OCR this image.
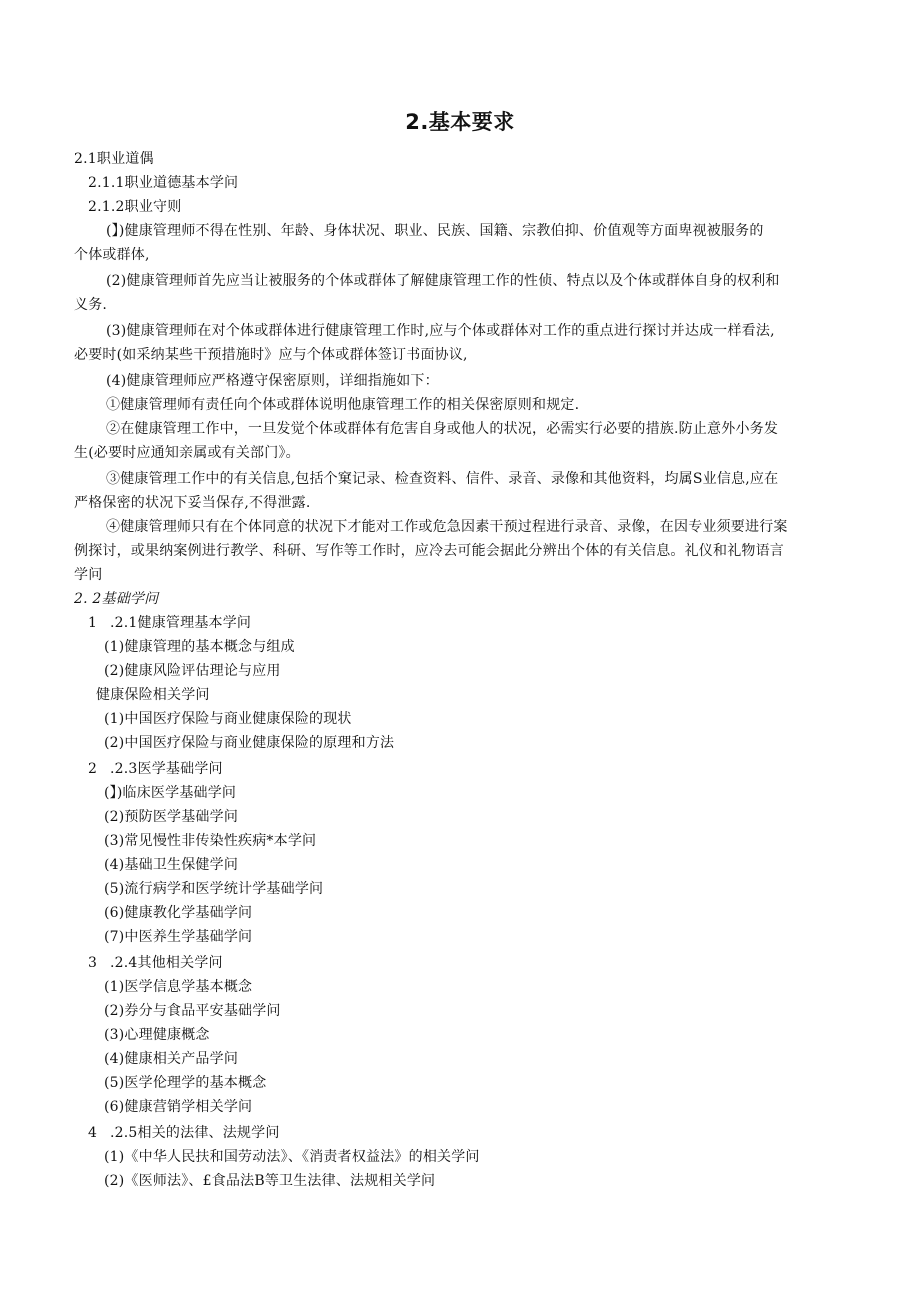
2.基本要求
2.1职业道偶
2.1.1职业道德基本学问
2.1.2职业守则
(】)健康管理师不得在性别、年龄、身体状况、职业、民族、国籍、宗教伯抑、价值观等方面卑视被服务的
个体或群体,
(2)健康管理师首先应当让被服务的个体或群体了解健康管理工作的性侦、特点以及个体或群体自身的权利和
义务.
(3)健康管理师在对个体或群体进行健康管理工作时,应与个体或群体对工作的重点进行探讨并达成一样看法,
必要时(如采纳某些干预措施时》应与个体或群体签订书面协议,
(4)健康管理师应严格遵守保密原则，详细指施如下：
①健康管理师有责任向个体或群体说明他康管理工作的相关保密原则和规定.
②在健康管理工作中，一旦发觉个体或群体有危害自身或他人的状况，必需实行必要的措族.防止意外小务发
生(必要时应通知亲属或有关部门》。
③健康管理工作中的有关信息,包括个窠记录、检查资料、信件、录音、录像和其他资料，均属S业信息,应在
严格保密的状况下妥当保存,不得泄露.
④健康管理师只有在个体同意的状况下才能对工作或危急因素干预过程进行录音、录像，在因专业须要进行案
例探讨，或果纳案例进行教学、科研、写作等工作时，应冷去可能会据此分辨出个体的有关信息。礼仪和礼物语言
学问
2. 2基础学问
1 .2.1健康管理基本学问
(1)健康管理的基本概念与组成
(2)健康风险评估理论与应用
健康保险相关学问
(1)中国医疗保险与商业健康保险的现状
(2)中国医疗保险与商业健康保险的原理和方法
2 .2.3医学基础学问
(】)临床医学基础学问
(2)预防医学基础学问
(3)常见慢性非传染性疾病*本学问
(4)基础卫生保健学问
(5)流行病学和医学统计学基础学问
(6)健康教化学基础学问
(7)中医养生学基础学问
3 .2.4其他相关学问
(1)医学信息学基本概念
(2)券分与食品平安基础学问
(3)心理健康概念
(4)健康相关产品学问
(5)医学伦理学的基本概念
(6)健康营销学相关学问
4 .2.5相关的法律、法规学问
(1)《中华人民扶和国劳动法》、《消责者权益法》的相关学问
(2)《医师法》、£食品法B等卫生法律、法规相关学问
